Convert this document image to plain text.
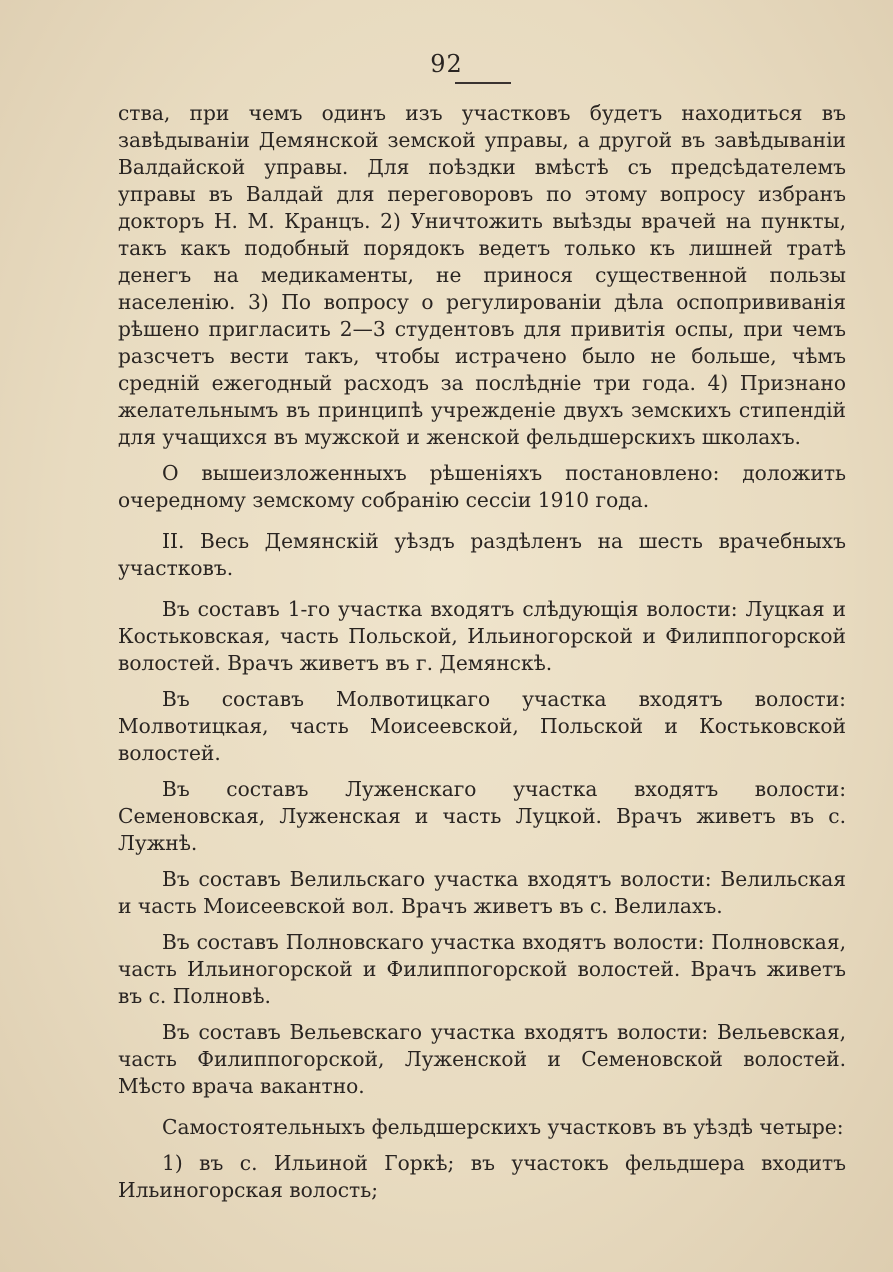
92

ства, при чемъ одинъ изъ участковъ будетъ находиться въ завѣдываніи Демянской земской управы, а другой въ завѣдываніи Валдайской управы. Для поѣздки вмѣстѣ съ предсѣдателемъ управы въ Валдай для переговоровъ по этому вопросу избранъ докторъ Н. М. Кранцъ. 2) Уничтожить выѣзды врачей на пункты, такъ какъ подобный порядокъ ведетъ только къ лишней тратѣ денегъ на медикаменты, не принося существенной пользы населенію. 3) По вопросу о регулированіи дѣла оспопрививанія рѣшено пригласить 2—3 студентовъ для привитія оспы, при чемъ разсчетъ вести такъ, чтобы истрачено было не больше, чѣмъ средній ежегодный расходъ за послѣдніе три года. 4) Признано желательнымъ въ принципѣ учрежденіе двухъ земскихъ стипендій для учащихся въ мужской и женской фельдшерскихъ школахъ.

О вышеизложенныхъ рѣшеніяхъ постановлено: доложить очередному земскому собранію сессіи 1910 года.

II. Весь Демянскій уѣздъ раздѣленъ на шесть врачебныхъ участковъ.

Въ составъ 1-го участка входятъ слѣдующія волости: Луцкая и Костьковская, часть Польской, Ильиногорской и Филиппогорской волостей. Врачъ живетъ въ г. Демянскѣ.

Въ составъ Молвотицкаго участка входятъ волости: Молвотицкая, часть Моисеевской, Польской и Костьковской волостей.

Въ составъ Луженскаго участка входятъ волости: Семеновская, Луженская и часть Луцкой. Врачъ живетъ въ с. Лужнѣ.

Въ составъ Велильскаго участка входятъ волости: Велильская и часть Моисеевской вол. Врачъ живетъ въ с. Велилахъ.

Въ составъ Полновскаго участка входятъ волости: Полновская, часть Ильиногорской и Филиппогорской волостей. Врачъ живетъ въ с. Полновѣ.

Въ составъ Вельевскаго участка входятъ волости: Вельевская, часть Филиппогорской, Луженской и Семеновской волостей. Мѣсто врача вакантно.

Самостоятельныхъ фельдшерскихъ участковъ въ уѣздѣ четыре:

1) въ с. Ильиной Горкѣ; въ участокъ фельдшера входитъ Ильиногорская волость;
